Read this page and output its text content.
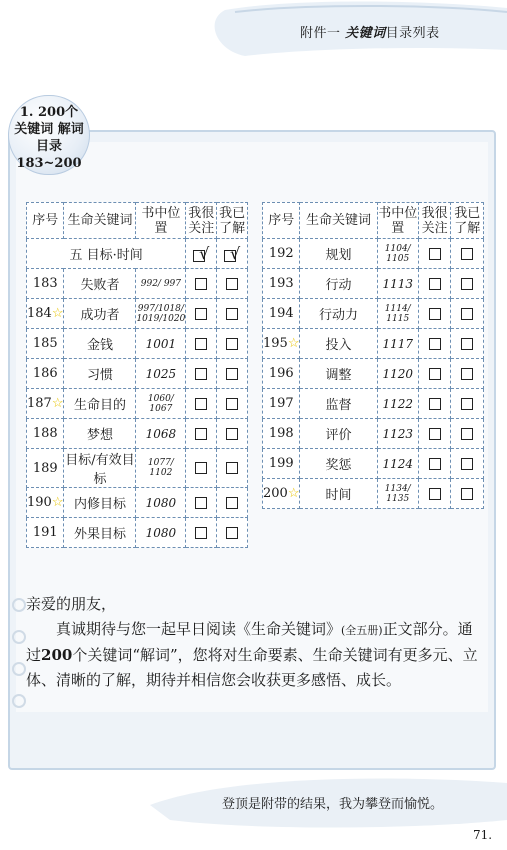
附件一 关键词目录列表
1. 200个
关键词 解词
目录183~200
序号	生命关键词	书中位置	我很关注	我已了解
五 目标·时间			√	√
183	失败者	992/ 997		
184☆	成功者	997/1018/ 1019/1020		
185	金钱	1001		
186	习惯	1025		
187☆	生命目的	1060/ 1067		
188	梦想	1068		
189	目标/有效目标	1077/ 1102		
190☆	内修目标	1080		
191	外果目标	1080		
序号	生命关键词	书中位置	我很关注	我已了解
192	规划	1104/ 1105		
193	行动	1113		
194	行动力	1114/ 1115		
195☆	投入	1117		
196	调整	1120		
197	监督	1122		
198	评价	1123		
199	奖惩	1124		
200☆	时间	1134/ 1135		
亲爱的朋友，
真诚期待与您一起早日阅读《生命关键词》(全五册)正文部分。通过200个关键词“解词”，您将对生命要素、生命关键词有更多元、立体、清晰的了解，期待并相信您会收获更多感悟、成长。
登顶是附带的结果，我为攀登而愉悦。
71.
